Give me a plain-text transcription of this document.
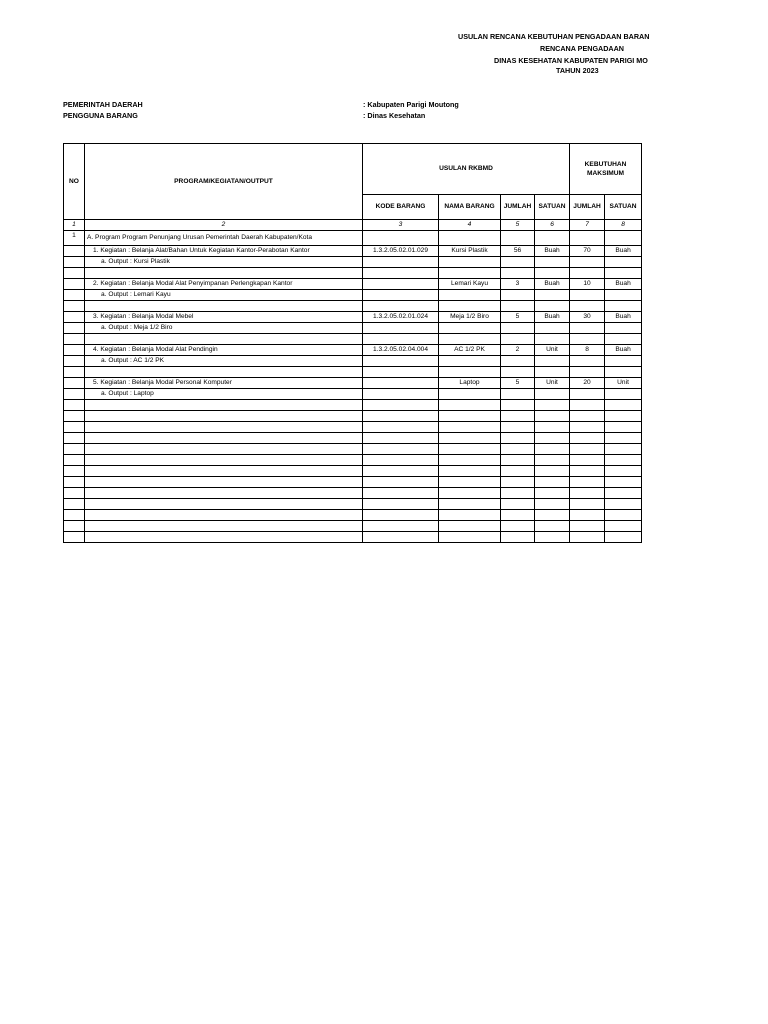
USULAN RENCANA KEBUTUHAN PENGADAAN BARAN
RENCANA PENGADAAN
DINAS KESEHATAN KABUPATEN PARIGI MO
TAHUN 2023
PEMERINTAH DAERAH	: Kabupaten Parigi Moutong
PENGGUNA BARANG	: Dinas Kesehatan
NO	PROGRAM/KEGIATAN/OUTPUT	USULAN RKBMD				KEBUTUHAN MAKSIMUM	
		KODE BARANG	NAMA BARANG	JUMLAH	SATUAN	JUMLAH	SATUAN
1	2	3	4	5	6	7	8
1	A. Program Program Penunjang Urusan Pemerintah Daerah Kabupaten/Kota						
	1. Kegiatan : Belanja Alat/Bahan Untuk Kegiatan Kantor-Perabotan Kantor	1.3.2.05.02.01.029	Kursi Plastik	56	Buah	70	Buah
	a. Output : Kursi Plastik						

	2. Kegiatan : Belanja Modal Alat Penyimpanan Perlengkapan Kantor		Lemari Kayu	3	Buah	10	Buah
	a. Output : Lemari Kayu						

	3. Kegiatan : Belanja Modal Mebel	1.3.2.05.02.01.024	Meja 1/2 Biro	5	Buah	30	Buah
	a. Output : Meja 1/2 Biro						

	4. Kegiatan : Belanja Modal Alat Pendingin	1.3.2.05.02.04.004	AC 1/2 PK	2	Unit	8	Buah
	a. Output : AC 1/2 PK						

	5. Kegiatan : Belanja Modal Personal Komputer		Laptop	5	Unit	20	Unit
	a. Output : Laptop						
